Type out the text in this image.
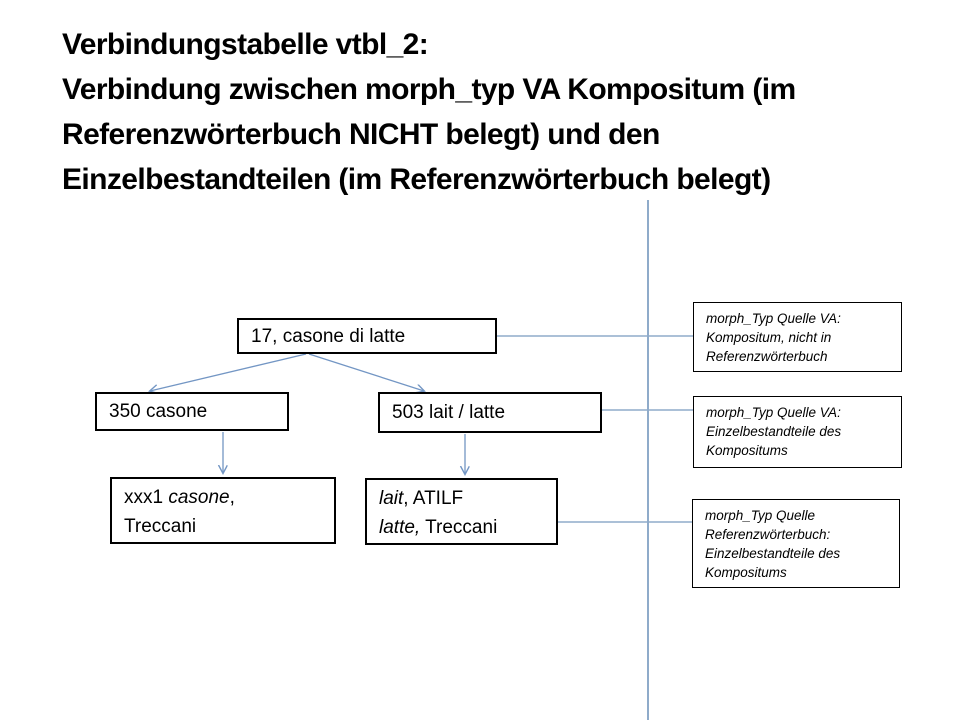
Verbindungstabelle vtbl_2:
Verbindung zwischen morph_typ VA Kompositum (im
Referenzwörterbuch NICHT belegt) und den
Einzelbestandteilen (im Referenzwörterbuch belegt)
17, casone di latte
350 casone	503 lait / latte
xxx1 casone,
Treccani
lait, ATILF
latte, Treccani
morph_Typ Quelle VA:
Kompositum, nicht in
Referenzwörterbuch
morph_Typ Quelle VA:
Einzelbestandteile des
Kompositums
morph_Typ Quelle
Referenzwörterbuch:
Einzelbestandteile des
Kompositums
